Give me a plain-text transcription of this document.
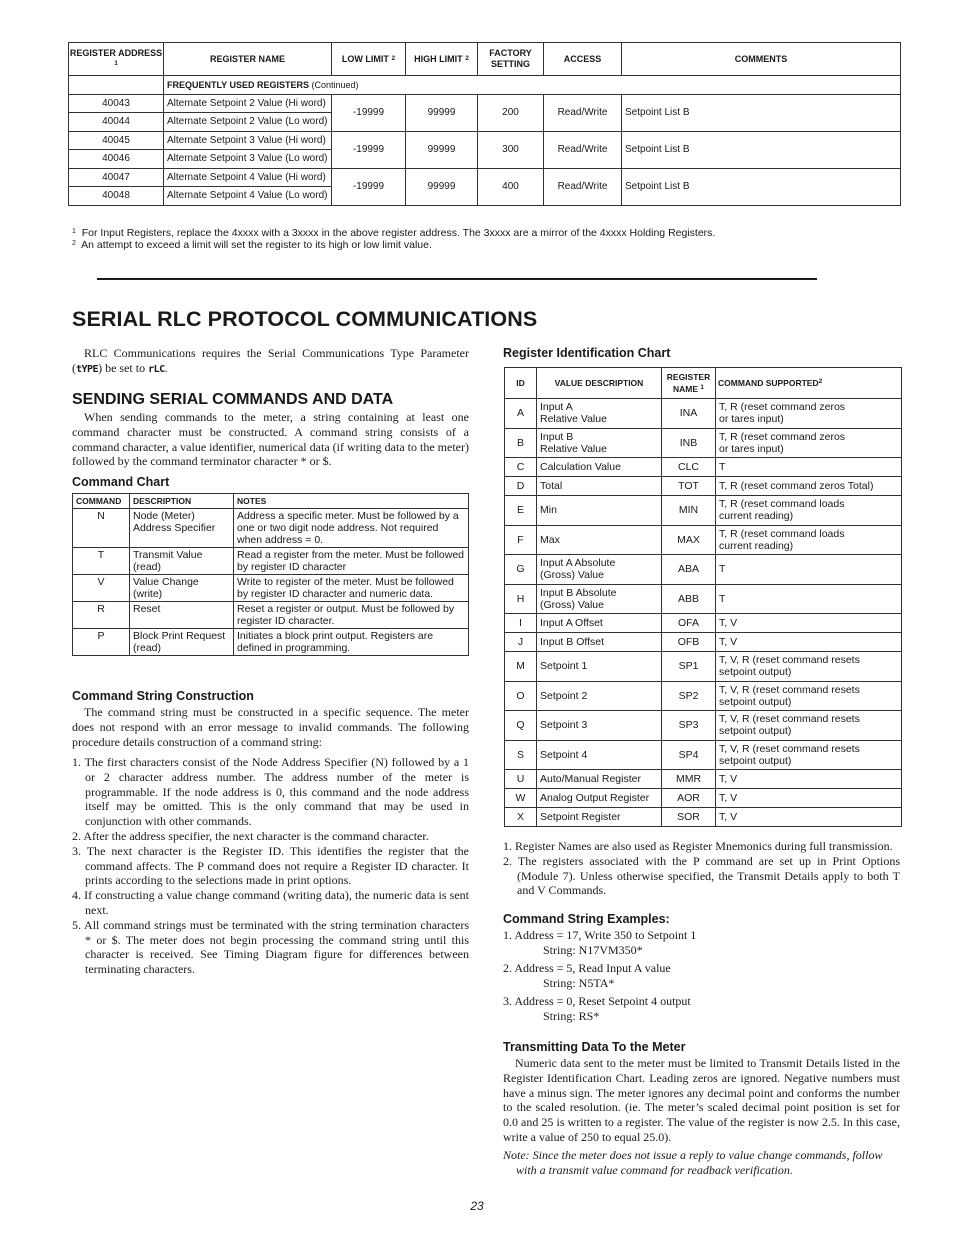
REGISTER ADDRESS $^1$	REGISTER NAME	LOW LIMIT $^2$	HIGH LIMIT $^2$	FACTORY SETTING	ACCESS	COMMENTS
	FREQUENTLY USED REGISTERS (Continued)					
40043	Alternate Setpoint 2 Value (Hi word)	-19999	99999	200	Read/Write	Setpoint List B
40044	Alternate Setpoint 2 Value (Lo word)					
40045	Alternate Setpoint 3 Value (Hi word)	-19999	99999	300	Read/Write	Setpoint List B
40046	Alternate Setpoint 3 Value (Lo word)					
40047	Alternate Setpoint 4 Value (Hi word)	-19999	99999	400	Read/Write	Setpoint List B
40048	Alternate Setpoint 4 Value (Lo word)					
$^1$ For Input Registers, replace the 4xxxx with a 3xxxx in the above register address. The 3xxxx are a mirror of the 4xxxx Holding Registers.
$^2$ An attempt to exceed a limit will set the register to its high or low limit value.
SERIAL RLC PROTOCOL COMMUNICATIONS
RLC Communications requires the Serial Communications Type Parameter (tYPE) be set to rLC.
SENDING SERIAL COMMANDS AND DATA
When sending commands to the meter, a string containing at least one command character must be constructed. A command string consists of a command character, a value identifier, numerical data (if writing data to the meter) followed by the command terminator character * or $.
Command Chart
COMMAND	DESCRIPTION	NOTES
N	Node (Meter) Address Specifier	Address a specific meter. Must be followed by a one or two digit node address. Not required when address = 0.
T	Transmit Value (read)	Read a register from the meter. Must be followed by register ID character
V	Value Change (write)	Write to register of the meter. Must be followed by register ID character and numeric data.
R	Reset	Reset a register or output. Must be followed by register ID character.
P	Block Print Request (read)	Initiates a block print output. Registers are defined in programming.
Command String Construction
The command string must be constructed in a specific sequence. The meter does not respond with an error message to invalid commands. The following procedure details construction of a command string:
1. The first characters consist of the Node Address Specifier (N) followed by a 1 or 2 character address number. The address number of the meter is programmable. If the node address is 0, this command and the node address itself may be omitted. This is the only command that may be used in conjunction with other commands.
2. After the address specifier, the next character is the command character.
3. The next character is the Register ID. This identifies the register that the command affects. The P command does not require a Register ID character. It prints according to the selections made in print options.
4. If constructing a value change command (writing data), the numeric data is sent next.
5. All command strings must be terminated with the string termination characters * or $. The meter does not begin processing the command string until this character is received. See Timing Diagram figure for differences between terminating characters.
Register Identification Chart
ID	VALUE DESCRIPTION	REGISTER NAME $^1$	COMMAND SUPPORTED$^2$
A	Input A
Relative Value	INA	T, R (reset command zeros
or tares input)
B	Input B
Relative Value	INB	T, R (reset command zeros
or tares input)
C	Calculation Value	CLC	T
D	Total	TOT	T, R (reset command zeros Total)
E	Min	MIN	T, R (reset command loads
current reading)
F	Max	MAX	T, R (reset command loads
current reading)
G	Input A Absolute
(Gross) Value	ABA	T
H	Input B Absolute
(Gross) Value	ABB	T
I	Input A Offset	OFA	T, V
J	Input B Offset	OFB	T, V
M	Setpoint 1	SP1	T, V, R (reset command resets
setpoint output)
O	Setpoint 2	SP2	T, V, R (reset command resets
setpoint output)
Q	Setpoint 3	SP3	T, V, R (reset command resets
setpoint output)
S	Setpoint 4	SP4	T, V, R (reset command resets
setpoint output)
U	Auto/Manual Register	MMR	T, V
W	Analog Output Register	AOR	T, V
X	Setpoint Register	SOR	T, V
1. Register Names are also used as Register Mnemonics during full transmission.
2. The registers associated with the P command are set up in Print Options (Module 7). Unless otherwise specified, the Transmit Details apply to both T and V Commands.
Command String Examples:
1. Address = 17, Write 350 to Setpoint 1
String: N17VM350*
2. Address = 5, Read Input A value
String: N5TA*
3. Address = 0, Reset Setpoint 4 output
String: RS*
Transmitting Data To the Meter
Numeric data sent to the meter must be limited to Transmit Details listed in the Register Identification Chart. Leading zeros are ignored. Negative numbers must have a minus sign. The meter ignores any decimal point and conforms the number to the scaled resolution. (ie. The meter’s scaled decimal point position is set for 0.0 and 25 is written to a register. The value of the register is now 2.5. In this case, write a value of 250 to equal 25.0).
Note: Since the meter does not issue a reply to value change commands, follow with a transmit value command for readback verification.
23
